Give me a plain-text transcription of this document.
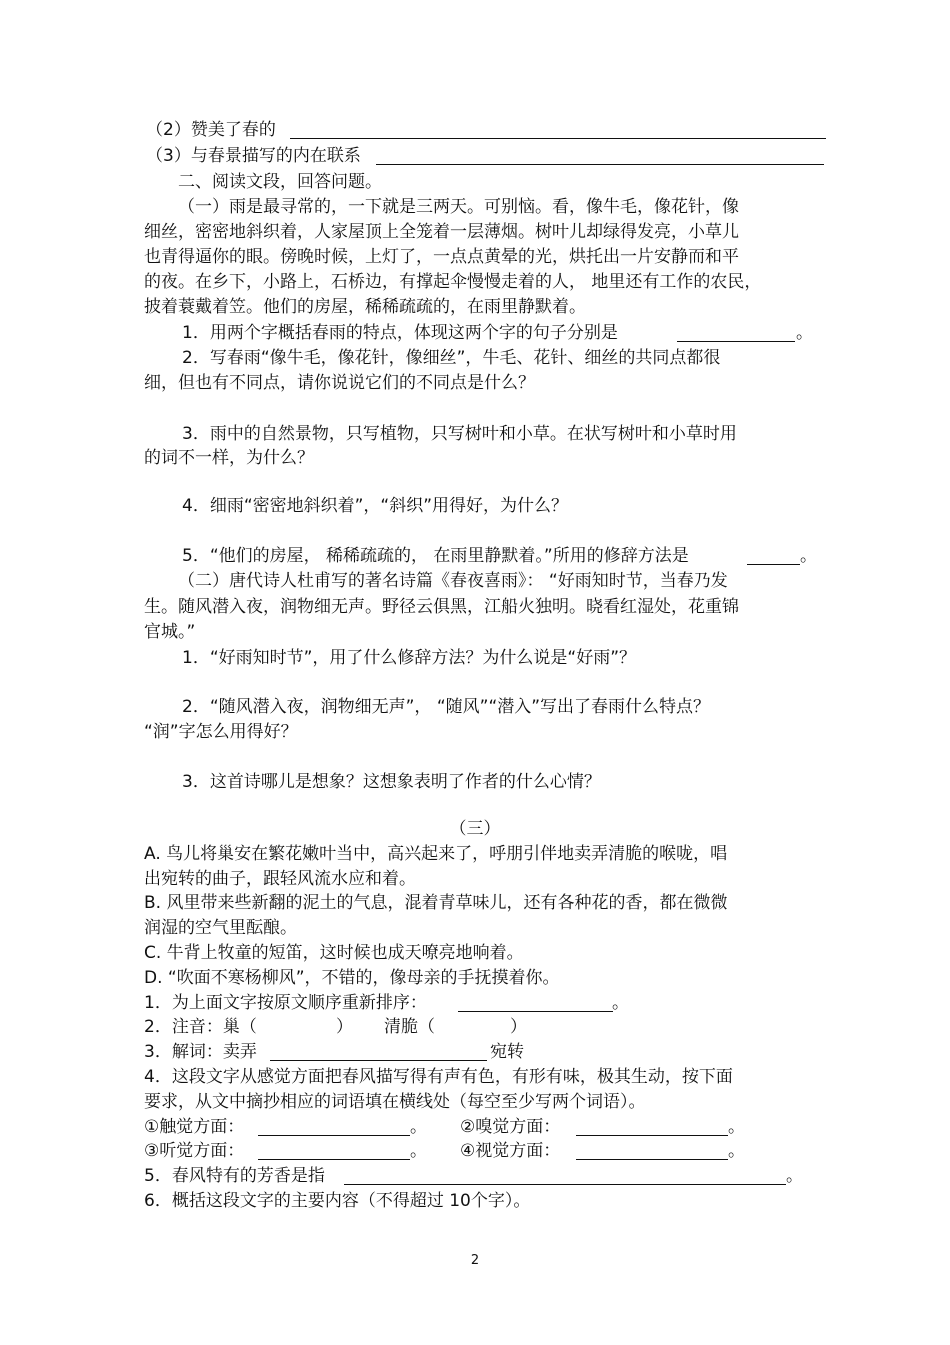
（2）赞美了春的
（3）与春景描写的内在联系
二、阅读文段，回答问题。
（一）雨是最寻常的，一下就是三两天。可别恼。看，像牛毛，像花针，像
细丝，密密地斜织着，人家屋顶上全笼着一层薄烟。树叶儿却绿得发亮，小草儿
也青得逼你的眼。傍晚时候，上灯了，一点点黄晕的光，烘托出一片安静而和平
的夜。在乡下，小路上，石桥边，有撑起伞慢慢走着的人， 地里还有工作的农民，
披着蓑戴着笠。他们的房屋，稀稀疏疏的，在雨里静默着。
1．用两个字概括春雨的特点，体现这两个字的句子分别是	。
2．写春雨“像牛毛，像花针，像细丝”，牛毛、花针、细丝的共同点都很
细，但也有不同点，请你说说它们的不同点是什么？
3．雨中的自然景物，只写植物，只写树叶和小草。在状写树叶和小草时用
的词不一样，为什么？
4．细雨“密密地斜织着”，“斜织”用得好，为什么？
5．“他们的房屋， 稀稀疏疏的， 在雨里静默着。”所用的修辞方法是	。
（二）唐代诗人杜甫写的著名诗篇《春夜喜雨》： “好雨知时节，当春乃发
生。随风潜入夜，润物细无声。野径云俱黑，江船火独明。晓看红湿处，花重锦
官城。”
1．“好雨知时节”，用了什么修辞方法？为什么说是“好雨”？
2．“随风潜入夜，润物细无声”， “随风”“潜入”写出了春雨什么特点？
“润”字怎么用得好？
3．这首诗哪儿是想象？这想象表明了作者的什么心情？
（三）
A. 鸟儿将巢安在繁花嫩叶当中，高兴起来了，呼朋引伴地卖弄清脆的喉咙，唱
出宛转的曲子，跟轻风流水应和着。
B. 风里带来些新翻的泥土的气息，混着青草味儿，还有各种花的香，都在微微
润湿的空气里酝酿。
C. 牛背上牧童的短笛，这时候也成天嘹亮地响着。
D. “吹面不寒杨柳风”，不错的，像母亲的手抚摸着你。
1．为上面文字按原文顺序重新排序：	。
2．注音：巢（	） 清脆（	）
3．解词：卖弄	宛转
4．这段文字从感觉方面把春风描写得有声有色，有形有味，极其生动，按下面
要求，从文中摘抄相应的词语填在横线处（每空至少写两个词语）。
①触觉方面：	。 ②嗅觉方面：	。
③听觉方面：	。 ④视觉方面：	。
5．春风特有的芳香是指	。
6．概括这段文字的主要内容（不得超过 10个字）。
2
